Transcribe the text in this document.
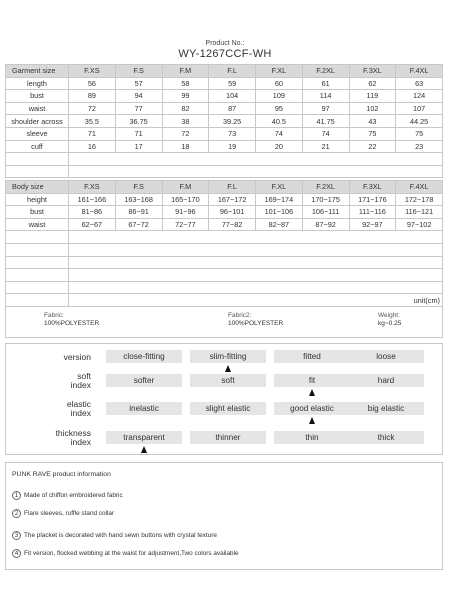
Product No.:
WY-1267CCF-WH
Garment size	F.XS	F.S	F.M	F.L	F.XL	F.2XL	F.3XL	F.4XL
length	56	57	58	59	60	61	62	63
bust	89	94	99	104	109	114	119	124
waist	72	77	82	87	95	97	102	107
shoulder across	35.5	36.75	38	39.25	40.5	41.75	43	44.25
sleeve	71	71	72	73	74	74	75	75
cuff	16	17	18	19	20	21	22	23

Body size	F.XS	F.S	F.M	F.L	F.XL	F.2XL	F.3XL	F.4XL
height	161~166	163~168	165~170	167~172	169~174	170~175	171~176	172~178
bust	81~86	86~91	91~96	96~101	101~106	106~111	111~116	116~121
waist	62~67	67~72	72~77	77~82	82~87	87~92	92~97	97~102

	unit(cm)							
Fabric:
100%POLYESTER
Fabric2:
100%POLYESTER
Weight:
kg~0.25
version	close-fitting	slim-fitting	fitted	loose
soft
index	softer	soft	fit	hard
elastic
index	inelastic	slight elastic	good elastic	big elastic
thickness
index	transparent	thinner	thin	thick
PUNK RAVE product information
1 Made of chiffon embroidered fabric
2 Flare sleeves, ruffle stand collar
3 The placket is decorated with hand sewn buttons with crystal texture
4 Fit version, flocked webbing at the waist for adjustment,Two colors available
